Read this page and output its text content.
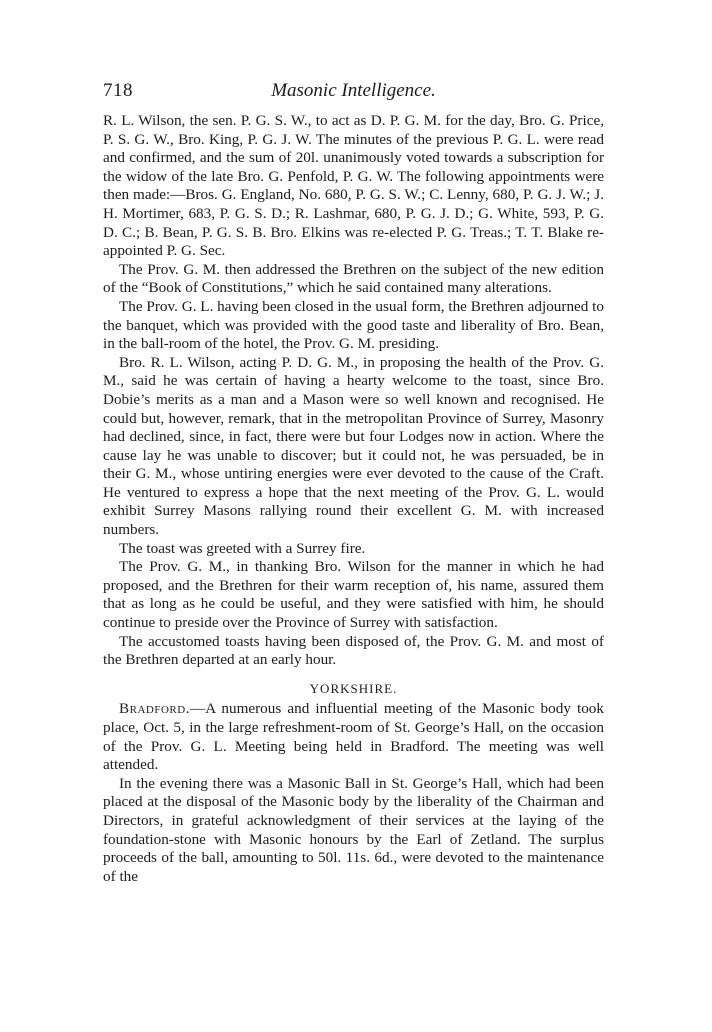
718	Masonic Intelligence.

R. L. Wilson, the sen. P. G. S. W., to act as D. P. G. M. for the day, Bro. G. Price, P. S. G. W., Bro. King, P. G. J. W. The minutes of the previous P. G. L. were read and confirmed, and the sum of 20l. unanimously voted towards a subscription for the widow of the late Bro. G. Penfold, P. G. W. The following appointments were then made:—Bros. G. England, No. 680, P. G. S. W.; C. Lenny, 680, P. G. J. W.; J. H. Mortimer, 683, P. G. S. D.; R. Lashmar, 680, P. G. J. D.; G. White, 593, P. G. D. C.; B. Bean, P. G. S. B. Bro. Elkins was re-elected P. G. Treas.; T. T. Blake re-appointed P. G. Sec.

The Prov. G. M. then addressed the Brethren on the subject of the new edition of the “Book of Constitutions,” which he said contained many alterations.

The Prov. G. L. having been closed in the usual form, the Brethren adjourned to the banquet, which was provided with the good taste and liberality of Bro. Bean, in the ball-room of the hotel, the Prov. G. M. presiding.

Bro. R. L. Wilson, acting P. D. G. M., in proposing the health of the Prov. G. M., said he was certain of having a hearty welcome to the toast, since Bro. Dobie’s merits as a man and a Mason were so well known and recognised. He could but, however, remark, that in the metropolitan Province of Surrey, Masonry had declined, since, in fact, there were but four Lodges now in action. Where the cause lay he was unable to discover; but it could not, he was persuaded, be in their G. M., whose untiring energies were ever devoted to the cause of the Craft. He ventured to express a hope that the next meeting of the Prov. G. L. would exhibit Surrey Masons rallying round their excellent G. M. with increased numbers.

The toast was greeted with a Surrey fire.

The Prov. G. M., in thanking Bro. Wilson for the manner in which he had proposed, and the Brethren for their warm reception of, his name, assured them that as long as he could be useful, and they were satisfied with him, he should continue to preside over the Province of Surrey with satisfaction.

The accustomed toasts having been disposed of, the Prov. G. M. and most of the Brethren departed at an early hour.

YORKSHIRE.

Bradford.—A numerous and influential meeting of the Masonic body took place, Oct. 5, in the large refreshment-room of St. George’s Hall, on the occasion of the Prov. G. L. Meeting being held in Bradford. The meeting was well attended.

In the evening there was a Masonic Ball in St. George’s Hall, which had been placed at the disposal of the Masonic body by the liberality of the Chairman and Directors, in grateful acknowledgment of their services at the laying of the foundation-stone with Masonic honours by the Earl of Zetland. The surplus proceeds of the ball, amounting to 50l. 11s. 6d., were devoted to the maintenance of the
